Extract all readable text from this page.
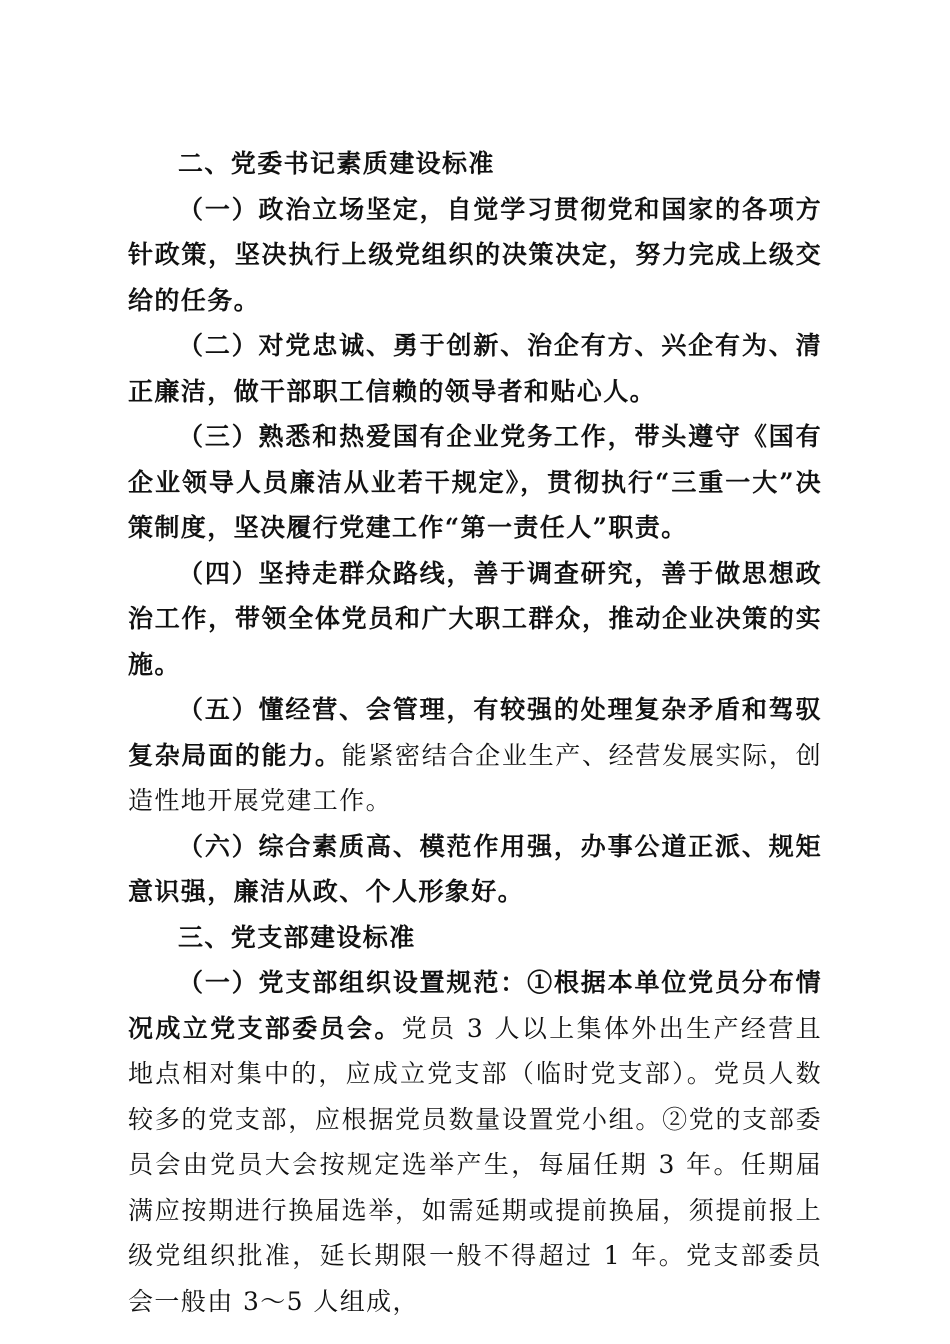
二、党委书记素质建设标准

（一）政治立场坚定，自觉学习贯彻党和国家的各项方针政策，坚决执行上级党组织的决策决定，努力完成上级交给的任务。

（二）对党忠诚、勇于创新、治企有方、兴企有为、清正廉洁，做干部职工信赖的领导者和贴心人。

（三）熟悉和热爱国有企业党务工作，带头遵守《国有企业领导人员廉洁从业若干规定》，贯彻执行“三重一大”决策制度，坚决履行党建工作“第一责任人”职责。

（四）坚持走群众路线，善于调查研究，善于做思想政治工作，带领全体党员和广大职工群众，推动企业决策的实施。

（五）懂经营、会管理，有较强的处理复杂矛盾和驾驭复杂局面的能力。能紧密结合企业生产、经营发展实际，创造性地开展党建工作。

（六）综合素质高、模范作用强，办事公道正派、规矩意识强，廉洁从政、个人形象好。

三、党支部建设标准

（一）党支部组织设置规范：①根据本单位党员分布情况成立党支部委员会。党员 3 人以上集体外出生产经营且地点相对集中的，应成立党支部（临时党支部）。党员人数较多的党支部，应根据党员数量设置党小组。②党的支部委员会由党员大会按规定选举产生，每届任期 3 年。任期届满应按期进行换届选举，如需延期或提前换届，须提前报上级党组织批准，延长期限一般不得超过 1 年。党支部委员会一般由 3～5 人组成，
